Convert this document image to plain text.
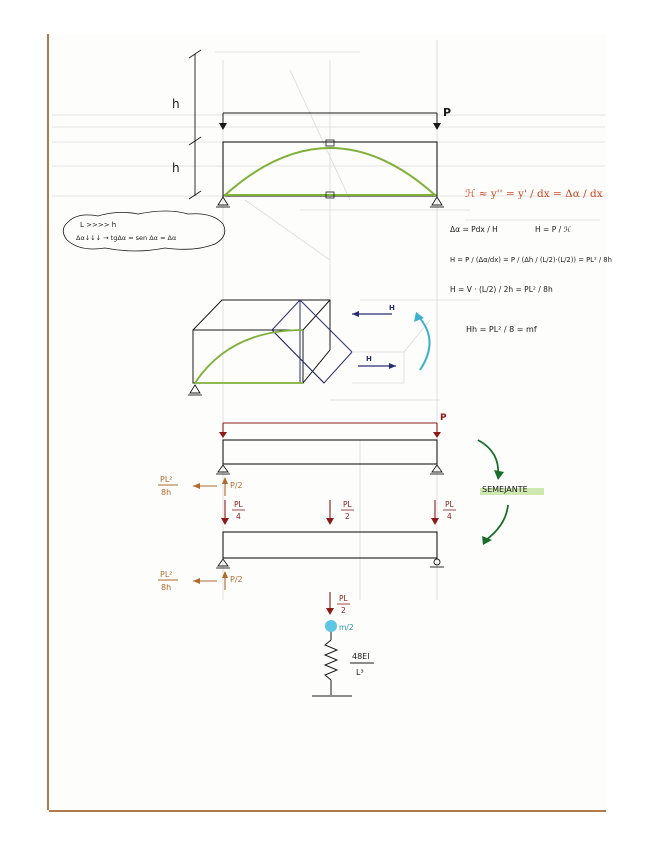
h
h
P
L >>>> h
Δα↓↓↓ → tgΔα ≈ sen Δα ≈ Δα
ℋ ≈ y'' = y' / dx = Δα / dx
Δα = Pdx / H	H = P / ℋ
H = P / (Δα/dx) = P / (Δh / (L/2)·(L/2)) = PL² / 8h
H = V · (L/2) / 2h = PL² / 8h
Hh = PL² / 8 = mf
H
H
P
PL²
8h
P/2
PL
4
PL
2
PL
4
SEMEJANTE
PL²
8h
P/2
PL
2
m/2
48EI
L³
